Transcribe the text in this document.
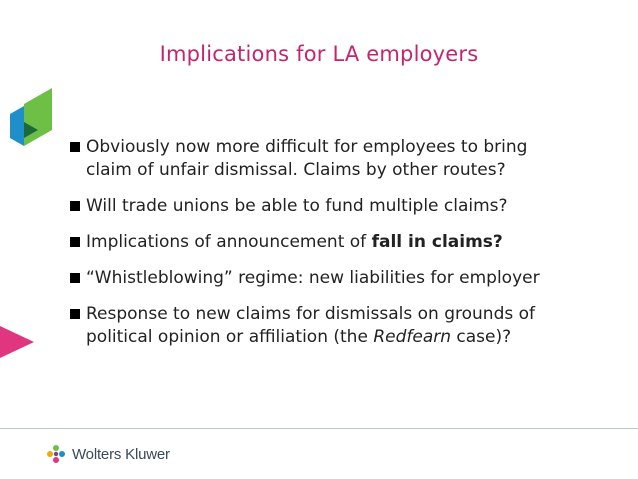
Implications for LA employers
Obviously now more difficult for employees to bring
claim of unfair dismissal. Claims by other routes?
Will trade unions be able to fund multiple claims?
Implications of announcement of fall in claims?
“Whistleblowing” regime: new liabilities for employer
Response to new claims for dismissals on grounds of
political opinion or affiliation (the Redfearn case)?
Wolters Kluwer
